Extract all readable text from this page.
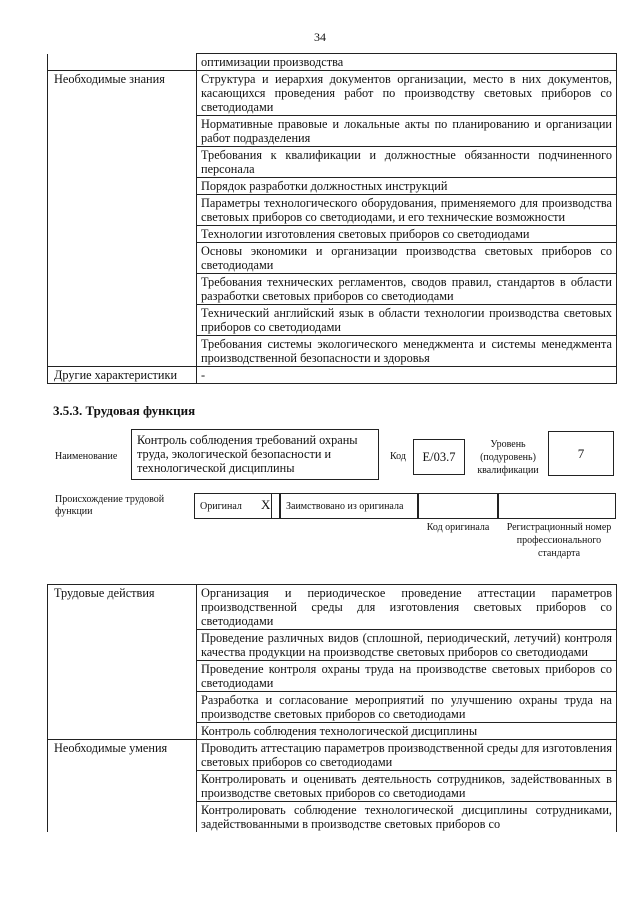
34
	оптимизации производства
Необходимые знания	Структура и иерархия документов организации, место в них документов, касающихся проведения работ по производству световых приборов со светодиодами
	Нормативные правовые и локальные акты по планированию и организации работ подразделения
	Требования к квалификации и должностные обязанности подчиненного персонала
	Порядок разработки должностных инструкций
	Параметры технологического оборудования, применяемого для производства световых приборов со светодиодами, и его технические возможности
	Технологии изготовления световых приборов со светодиодами
	Основы экономики и организации производства световых приборов со светодиодами
	Требования технических регламентов, сводов правил, стандартов в области разработки световых приборов со светодиодами
	Технический английский язык в области технологии производства световых приборов со светодиодами
	Требования системы экологического менеджмента и системы менеджмента производственной безопасности и здоровья
Другие характеристики	-
3.5.3. Трудовая функция
Наименование
Контроль соблюдения требований охраны труда, экологической безопасности и технологической дисциплины
Код	E/03.7
Уровень (подуровень) квалификации
7
Происхождение трудовой функции	Оригинал X Заимствовано из оригинала
Код оригинала	Регистрационный номер профессионального стандарта
Трудовые действия	Организация и периодическое проведение аттестации параметров производственной среды для изготовления световых приборов со светодиодами
	Проведение различных видов (сплошной, периодический, летучий) контроля качества продукции на производстве световых приборов со светодиодами
	Проведение контроля охраны труда на производстве световых приборов со светодиодами
	Разработка и согласование мероприятий по улучшению охраны труда на производстве световых приборов со светодиодами
	Контроль соблюдения технологической дисциплины
Необходимые умения	Проводить аттестацию параметров производственной среды для изготовления световых приборов со светодиодами
	Контролировать и оценивать деятельность сотрудников, задействованных в производстве световых приборов со светодиодами
	Контролировать соблюдение технологической дисциплины сотрудниками, задействованными в производстве световых приборов со
